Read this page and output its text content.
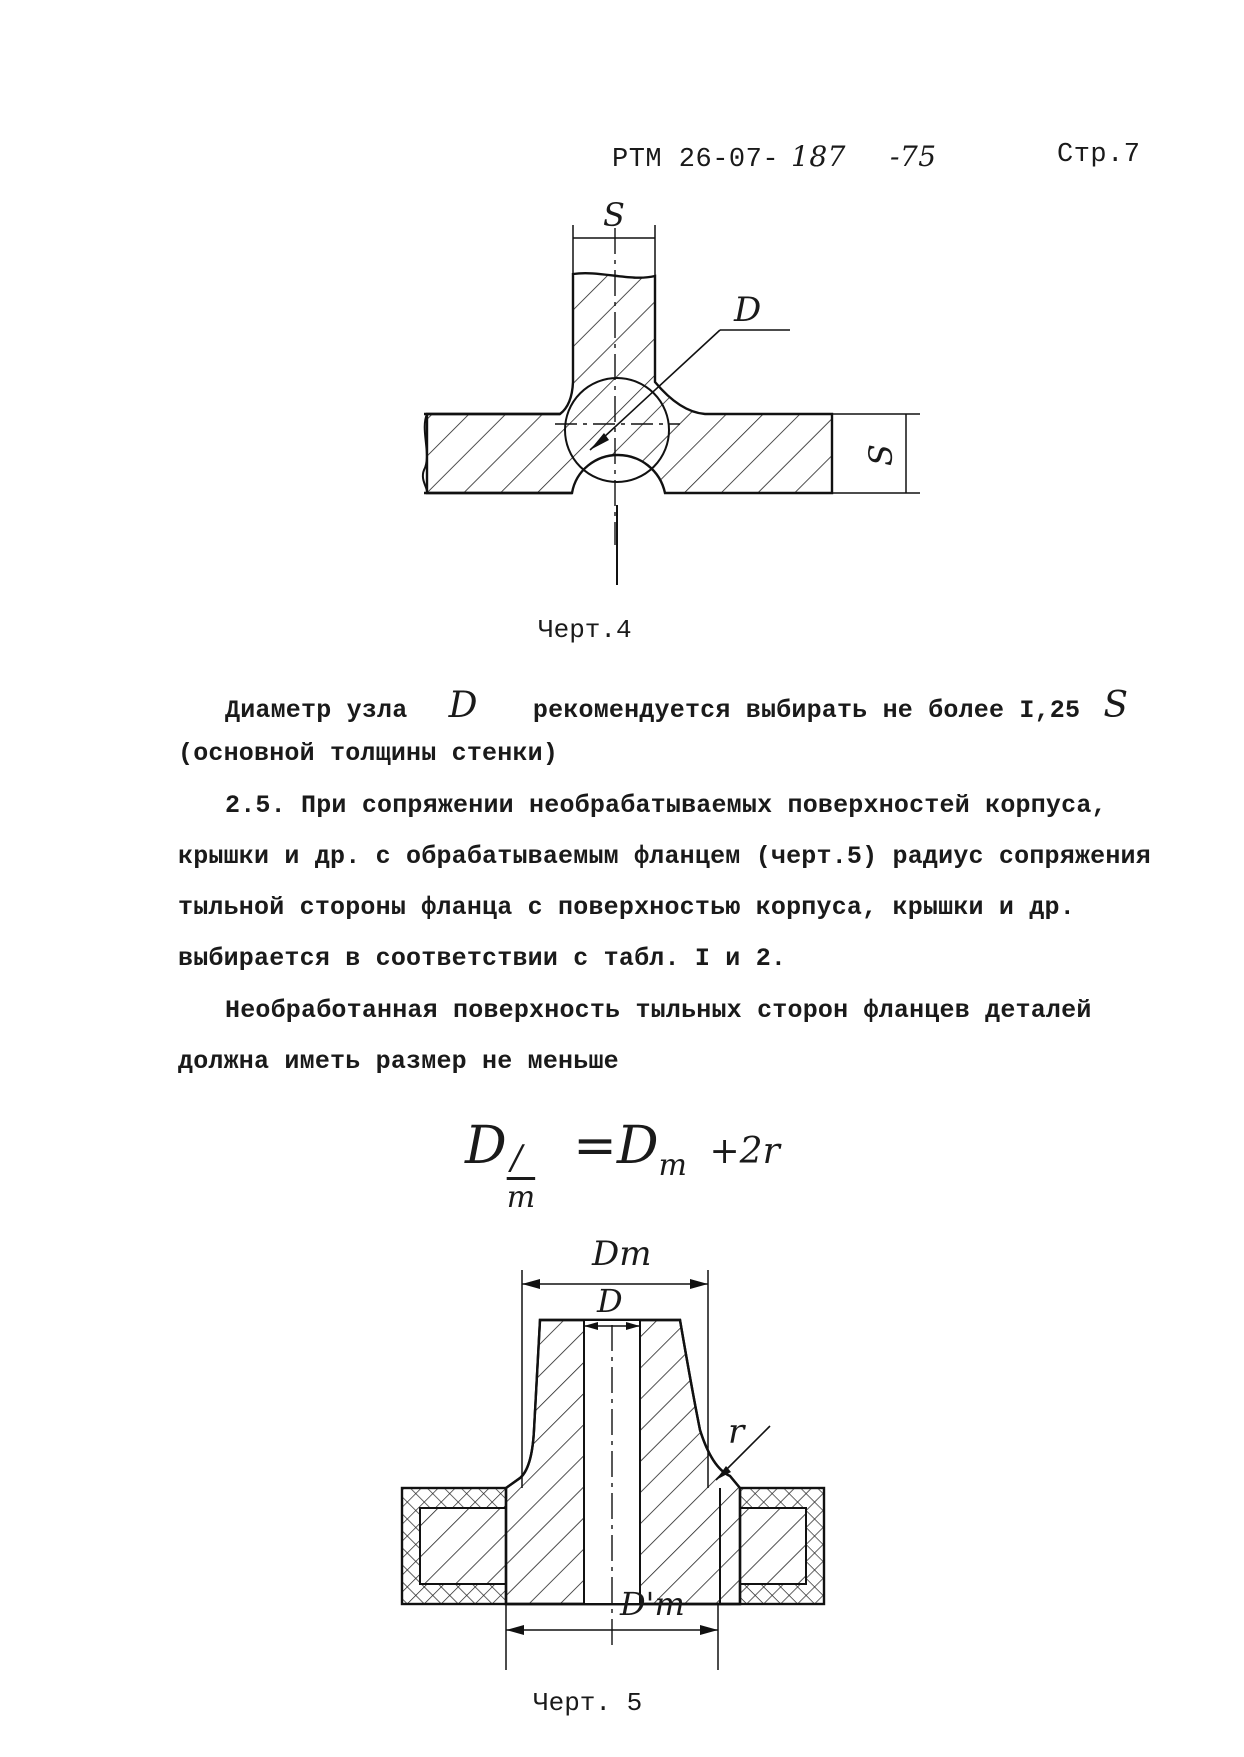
РТМ 26-07- 187 -75	Стр.7
S
S
D
Черт.4
Диаметр узла D рекомендуется выбирать не более I,25 S
(основной толщины стенки)
2.5. При сопряжении необрабатываемых поверхностей корпуса,
крышки и др. с обрабатываемым фланцем (черт.5) радиус сопряжения
тыльной стороны фланца с поверхностью корпуса, крышки и др.
выбирается в соответствии с табл. I и 2.
Необработанная поверхность тыльных сторон фланцев деталей
должна иметь размер не меньше
D /
$\overline{m}$
$=D_m +2r$
Dm
D
r
D'm
Черт. 5
